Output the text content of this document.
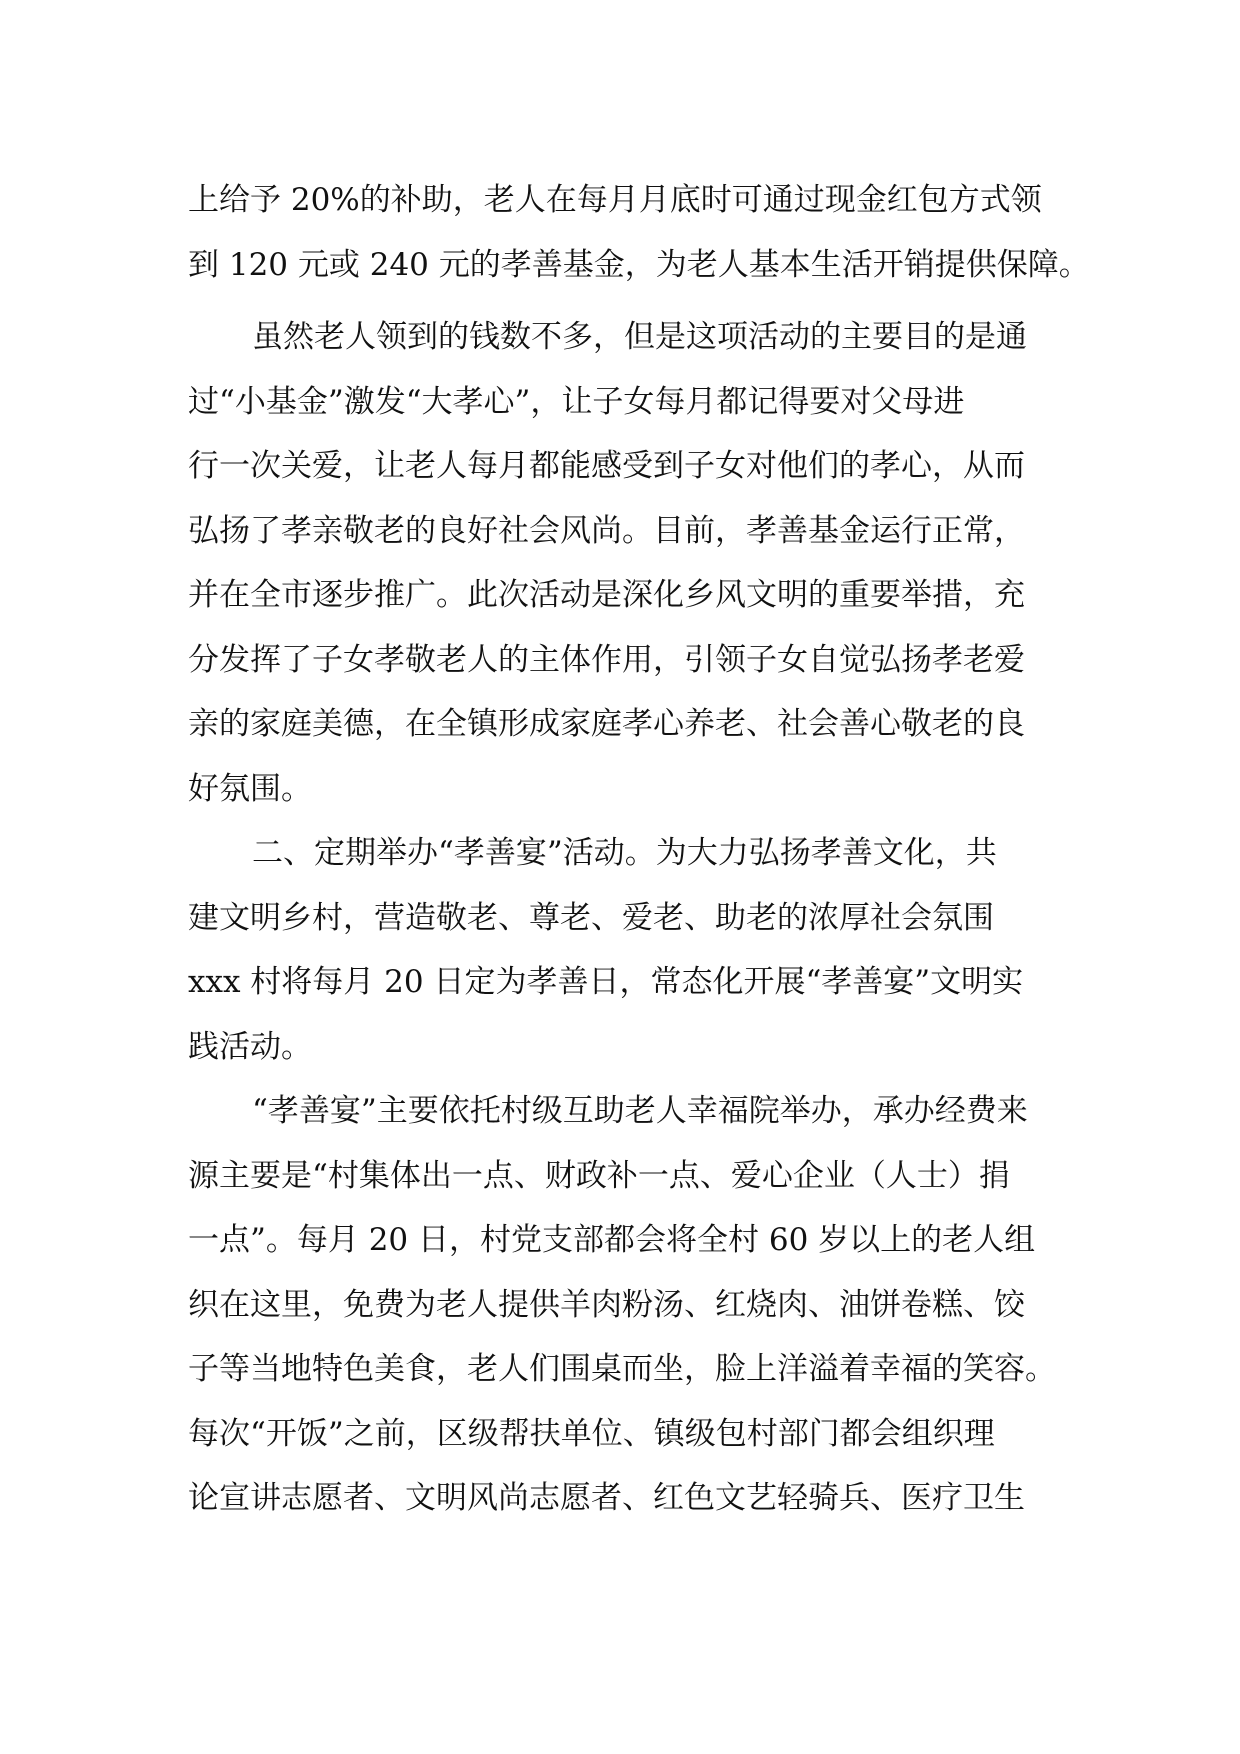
上给予 20%的补助，老人在每月月底时可通过现金红包方式领
到 120 元或 240 元的孝善基金，为老人基本生活开销提供保障。
虽然老人领到的钱数不多，但是这项活动的主要目的是通
过“小基金”激发“大孝心”，让子女每月都记得要对父母进
行一次关爱，让老人每月都能感受到子女对他们的孝心，从而
弘扬了孝亲敬老的良好社会风尚。目前，孝善基金运行正常，
并在全市逐步推广。此次活动是深化乡风文明的重要举措，充
分发挥了子女孝敬老人的主体作用，引领子女自觉弘扬孝老爱
亲的家庭美德，在全镇形成家庭孝心养老、社会善心敬老的良
好氛围。
二、定期举办“孝善宴”活动。为大力弘扬孝善文化，共
建文明乡村，营造敬老、尊老、爱老、助老的浓厚社会氛围
xxx 村将每月 20 日定为孝善日，常态化开展“孝善宴”文明实
践活动。
“孝善宴”主要依托村级互助老人幸福院举办，承办经费来
源主要是“村集体出一点、财政补一点、爱心企业（人士）捐
一点”。每月 20 日，村党支部都会将全村 60 岁以上的老人组
织在这里，免费为老人提供羊肉粉汤、红烧肉、油饼卷糕、饺
子等当地特色美食，老人们围桌而坐，脸上洋溢着幸福的笑容。
每次“开饭”之前，区级帮扶单位、镇级包村部门都会组织理
论宣讲志愿者、文明风尚志愿者、红色文艺轻骑兵、医疗卫生
